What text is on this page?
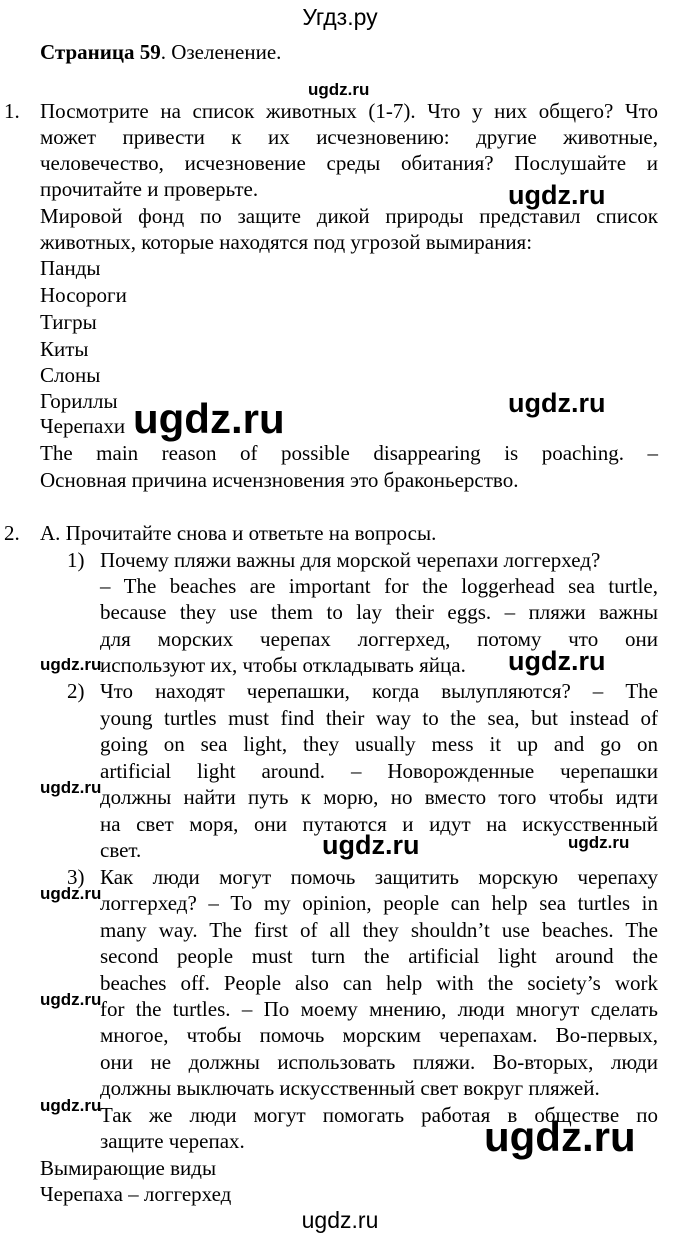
Угдз.ру
Страница 59. Озеленение.
1. Посмотрите на список животных (1-7). Что у них общего? Что
может привести к их исчезновению: другие животные,
человечество, исчезновение среды обитания? Послушайте и
прочитайте и проверьте.
Мировой фонд по защите дикой природы представил список
животных, которые находятся под угрозой вымирания:
Панды
Носороги
Тигры
Киты
Слоны
Гориллы
Черепахи
The main reason of possible disappearing is poaching. –
Основная причина исчензновения это браконьерство.
2. А. Прочитайте снова и ответьте на вопросы.
1) Почему пляжи важны для морской черепахи логгерхед?
– The beaches are important for the loggerhead sea turtle,
because they use them to lay their eggs. – пляжи важны
для морских черепах логгерхед, потому что они
используют их, чтобы откладывать яйца.
2) Что находят черепашки, когда вылупляются? – The
young turtles must find their way to the sea, but instead of
going on sea light, they usually mess it up and go on
artificial light around. – Новорожденные черепашки
должны найти путь к морю, но вместо того чтобы идти
на свет моря, они путаются и идут на искусственный
свет.
3) Как люди могут помочь защитить морскую черепаху
логгерхед? – To my opinion, people can help sea turtles in
many way. The first of all they shouldn’t use beaches. The
second people must turn the artificial light around the
beaches off. People also can help with the society’s work
for the turtles. – По моему мнению, люди многут сделать
многое, чтобы помочь морским черепахам. Во-первых,
они не должны использовать пляжи. Во-вторых, люди
должны выключать искусственный свет вокруг пляжей.
Так же люди могут помогать работая в обществе по
защите черепах.
Вымирающие виды
Черепаха – логгерхед
ugdz.ru
ugdz.ru
ugdz.ru
ugdz.ru	ugdz.ru
ugdz.ru	ugdz.ru
ugdz.ru
ugdz.ru	ugdz.ru
ugdz.ru
ugdz.ru
ugdz.ru
ugdz.ru
